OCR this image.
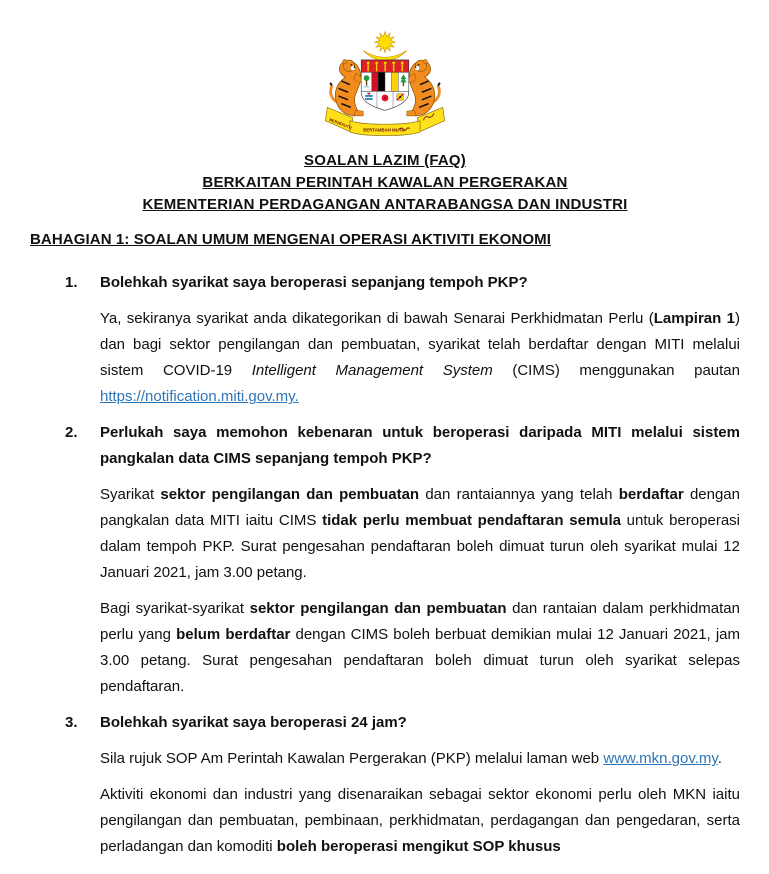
BERSEKUTU
BERTAMBAH MUTU
SOALAN LAZIM (FAQ)
BERKAITAN PERINTAH KAWALAN PERGERAKAN
KEMENTERIAN PERDAGANGAN ANTARABANGSA DAN INDUSTRI
BAHAGIAN 1: SOALAN UMUM MENGENAI OPERASI AKTIVITI EKONOMI
1.	Bolehkah syarikat saya beroperasi sepanjang tempoh PKP?
Ya, sekiranya syarikat anda dikategorikan di bawah Senarai Perkhidmatan Perlu (Lampiran 1) dan bagi sektor pengilangan dan pembuatan, syarikat telah berdaftar dengan MITI melalui sistem COVID-19 Intelligent Management System (CIMS) menggunakan pautan https://notification.miti.gov.my.
2.	Perlukah saya memohon kebenaran untuk beroperasi daripada MITI melalui sistem pangkalan data CIMS sepanjang tempoh PKP?
Syarikat sektor pengilangan dan pembuatan dan rantaiannya yang telah berdaftar dengan pangkalan data MITI iaitu CIMS tidak perlu membuat pendaftaran semula untuk beroperasi dalam tempoh PKP. Surat pengesahan pendaftaran boleh dimuat turun oleh syarikat mulai 12 Januari 2021, jam 3.00 petang.
Bagi syarikat-syarikat sektor pengilangan dan pembuatan dan rantaian dalam perkhidmatan perlu yang belum berdaftar dengan CIMS boleh berbuat demikian mulai 12 Januari 2021, jam 3.00 petang. Surat pengesahan pendaftaran boleh dimuat turun oleh syarikat selepas pendaftaran.
3.	Bolehkah syarikat saya beroperasi 24 jam?
Sila rujuk SOP Am Perintah Kawalan Pergerakan (PKP) melalui laman web www.mkn.gov.my.
Aktiviti ekonomi dan industri yang disenaraikan sebagai sektor ekonomi perlu oleh MKN iaitu pengilangan dan pembuatan, pembinaan, perkhidmatan, perdagangan dan pengedaran, serta perladangan dan komoditi boleh beroperasi mengikut SOP khusus
